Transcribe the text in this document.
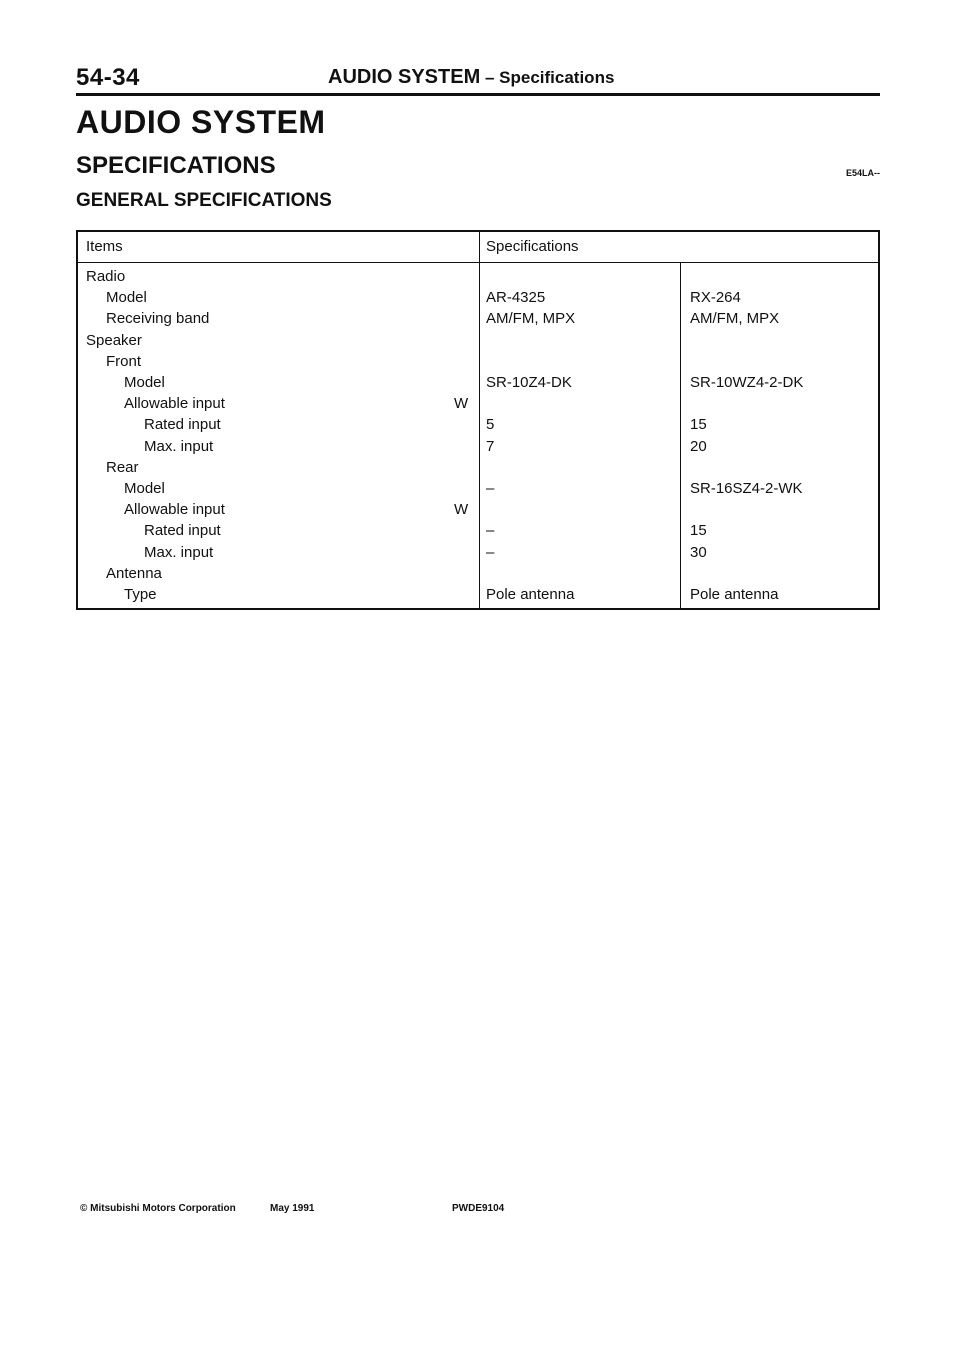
54-34	AUDIO SYSTEM – Specifications
AUDIO SYSTEM
SPECIFICATIONS	E54LA--
GENERAL SPECIFICATIONS
Items	Specifications
Radio
Model	AR-4325	RX-264
Receiving band	AM/FM, MPX	AM/FM, MPX
Speaker
Front
Model	SR-10Z4-DK	SR-10WZ4-2-DK
Allowable input	W
Rated input	5	15
Max. input	7	20
Rear
Model	–	SR-16SZ4-2-WK
Allowable input	W
Rated input	–	15
Max. input	–	30
Antenna
Type	Pole antenna	Pole antenna
© Mitsubishi Motors Corporation	May 1991	PWDE9104
